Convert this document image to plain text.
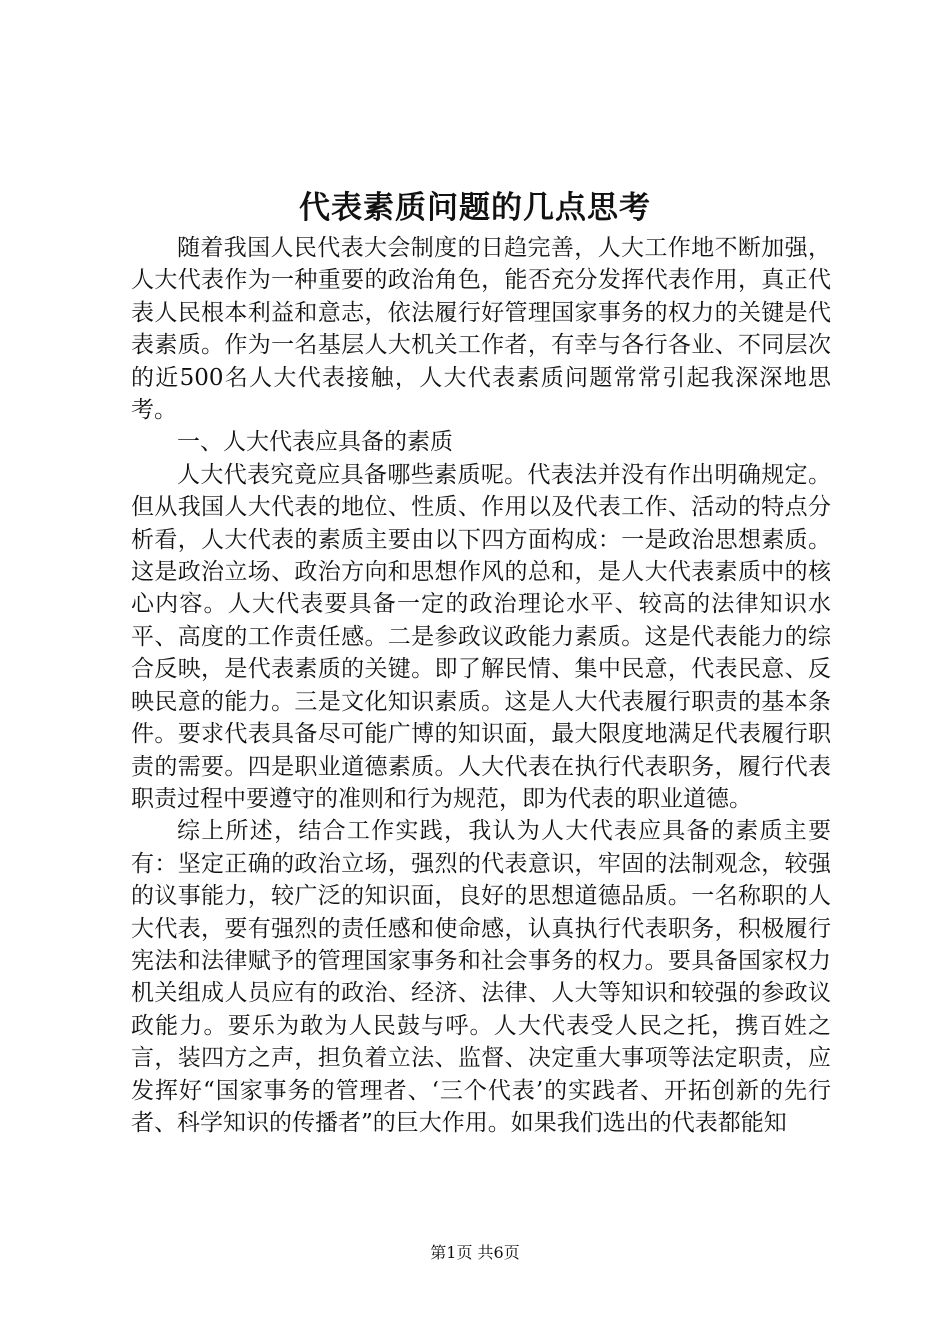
代表素质问题的几点思考

随着我国人民代表大会制度的日趋完善，人大工作地不断加强，人大代表作为一种重要的政治角色，能否充分发挥代表作用，真正代表人民根本利益和意志，依法履行好管理国家事务的权力的关键是代表素质。作为一名基层人大机关工作者，有幸与各行各业、不同层次的近500名人大代表接触，人大代表素质问题常常引起我深深地思考。

一、人大代表应具备的素质

人大代表究竟应具备哪些素质呢。代表法并没有作出明确规定。但从我国人大代表的地位、性质、作用以及代表工作、活动的特点分析看，人大代表的素质主要由以下四方面构成：一是政治思想素质。这是政治立场、政治方向和思想作风的总和，是人大代表素质中的核心内容。人大代表要具备一定的政治理论水平、较高的法律知识水平、高度的工作责任感。二是参政议政能力素质。这是代表能力的综合反映，是代表素质的关键。即了解民情、集中民意，代表民意、反映民意的能力。三是文化知识素质。这是人大代表履行职责的基本条件。要求代表具备尽可能广博的知识面，最大限度地满足代表履行职责的需要。四是职业道德素质。人大代表在执行代表职务，履行代表职责过程中要遵守的准则和行为规范，即为代表的职业道德。

综上所述，结合工作实践，我认为人大代表应具备的素质主要有：坚定正确的政治立场，强烈的代表意识，牢固的法制观念，较强的议事能力，较广泛的知识面，良好的思想道德品质。一名称职的人大代表，要有强烈的责任感和使命感，认真执行代表职务，积极履行宪法和法律赋予的管理国家事务和社会事务的权力。要具备国家权力机关组成人员应有的政治、经济、法律、人大等知识和较强的参政议政能力。要乐为敢为人民鼓与呼。人大代表受人民之托，携百姓之言，装四方之声，担负着立法、监督、决定重大事项等法定职责，应发挥好“国家事务的管理者、‘三个代表’的实践者、开拓创新的先行者、科学知识的传播者”的巨大作用。如果我们选出的代表都能知

第1页 共6页
